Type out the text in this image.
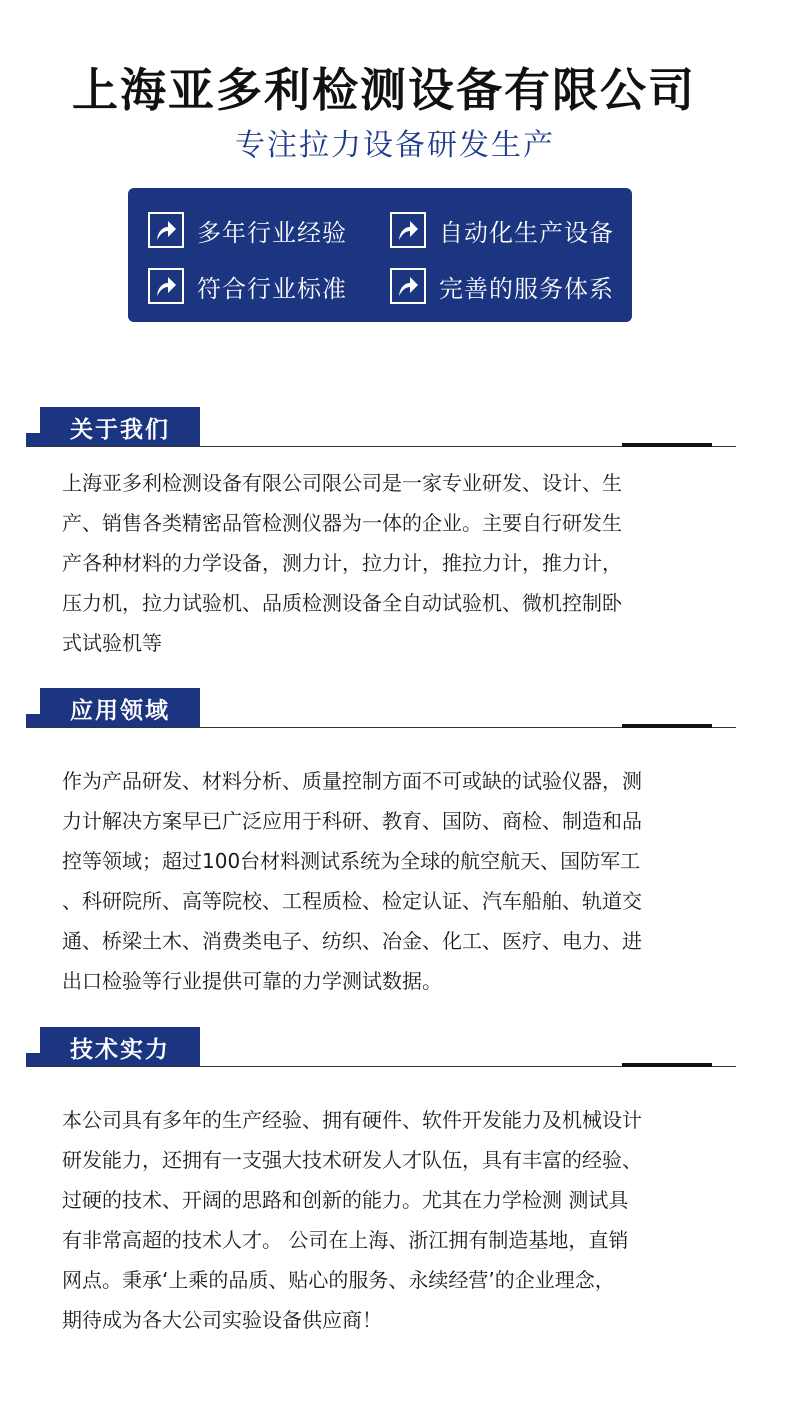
上海亚多利检测设备有限公司
专注拉力设备研发生产
多年行业经验	自动化生产设备
符合行业标准	完善的服务体系
关于我们
上海亚多利检测设备有限公司限公司是一家专业研发、设计、生
产、销售各类精密品管检测仪器为一体的企业。主要自行研发生
产各种材料的力学设备，测力计，拉力计，推拉力计，推力计，
压力机，拉力试验机、品质检测设备全自动试验机、微机控制卧
式试验机等
应用领域
作为产品研发、材料分析、质量控制方面不可或缺的试验仪器，测
力计解决方案早已广泛应用于科研、教育、国防、商检、制造和品
控等领域；超过100台材料测试系统为全球的航空航天、国防军工
、科研院所、高等院校、工程质检、检定认证、汽车船舶、轨道交
通、桥梁土木、消费类电子、纺织、冶金、化工、医疗、电力、进
出口检验等行业提供可靠的力学测试数据。
技术实力
本公司具有多年的生产经验、拥有硬件、软件开发能力及机械设计
研发能力，还拥有一支强大技术研发人才队伍，具有丰富的经验、
过硬的技术、开阔的思路和创新的能力。尤其在力学检测 测试具
有非常高超的技术人才。 公司在上海、浙江拥有制造基地，直销
网点。秉承‘上乘的品质、贴心的服务、永续经营’的企业理念，
期待成为各大公司实验设备供应商！
